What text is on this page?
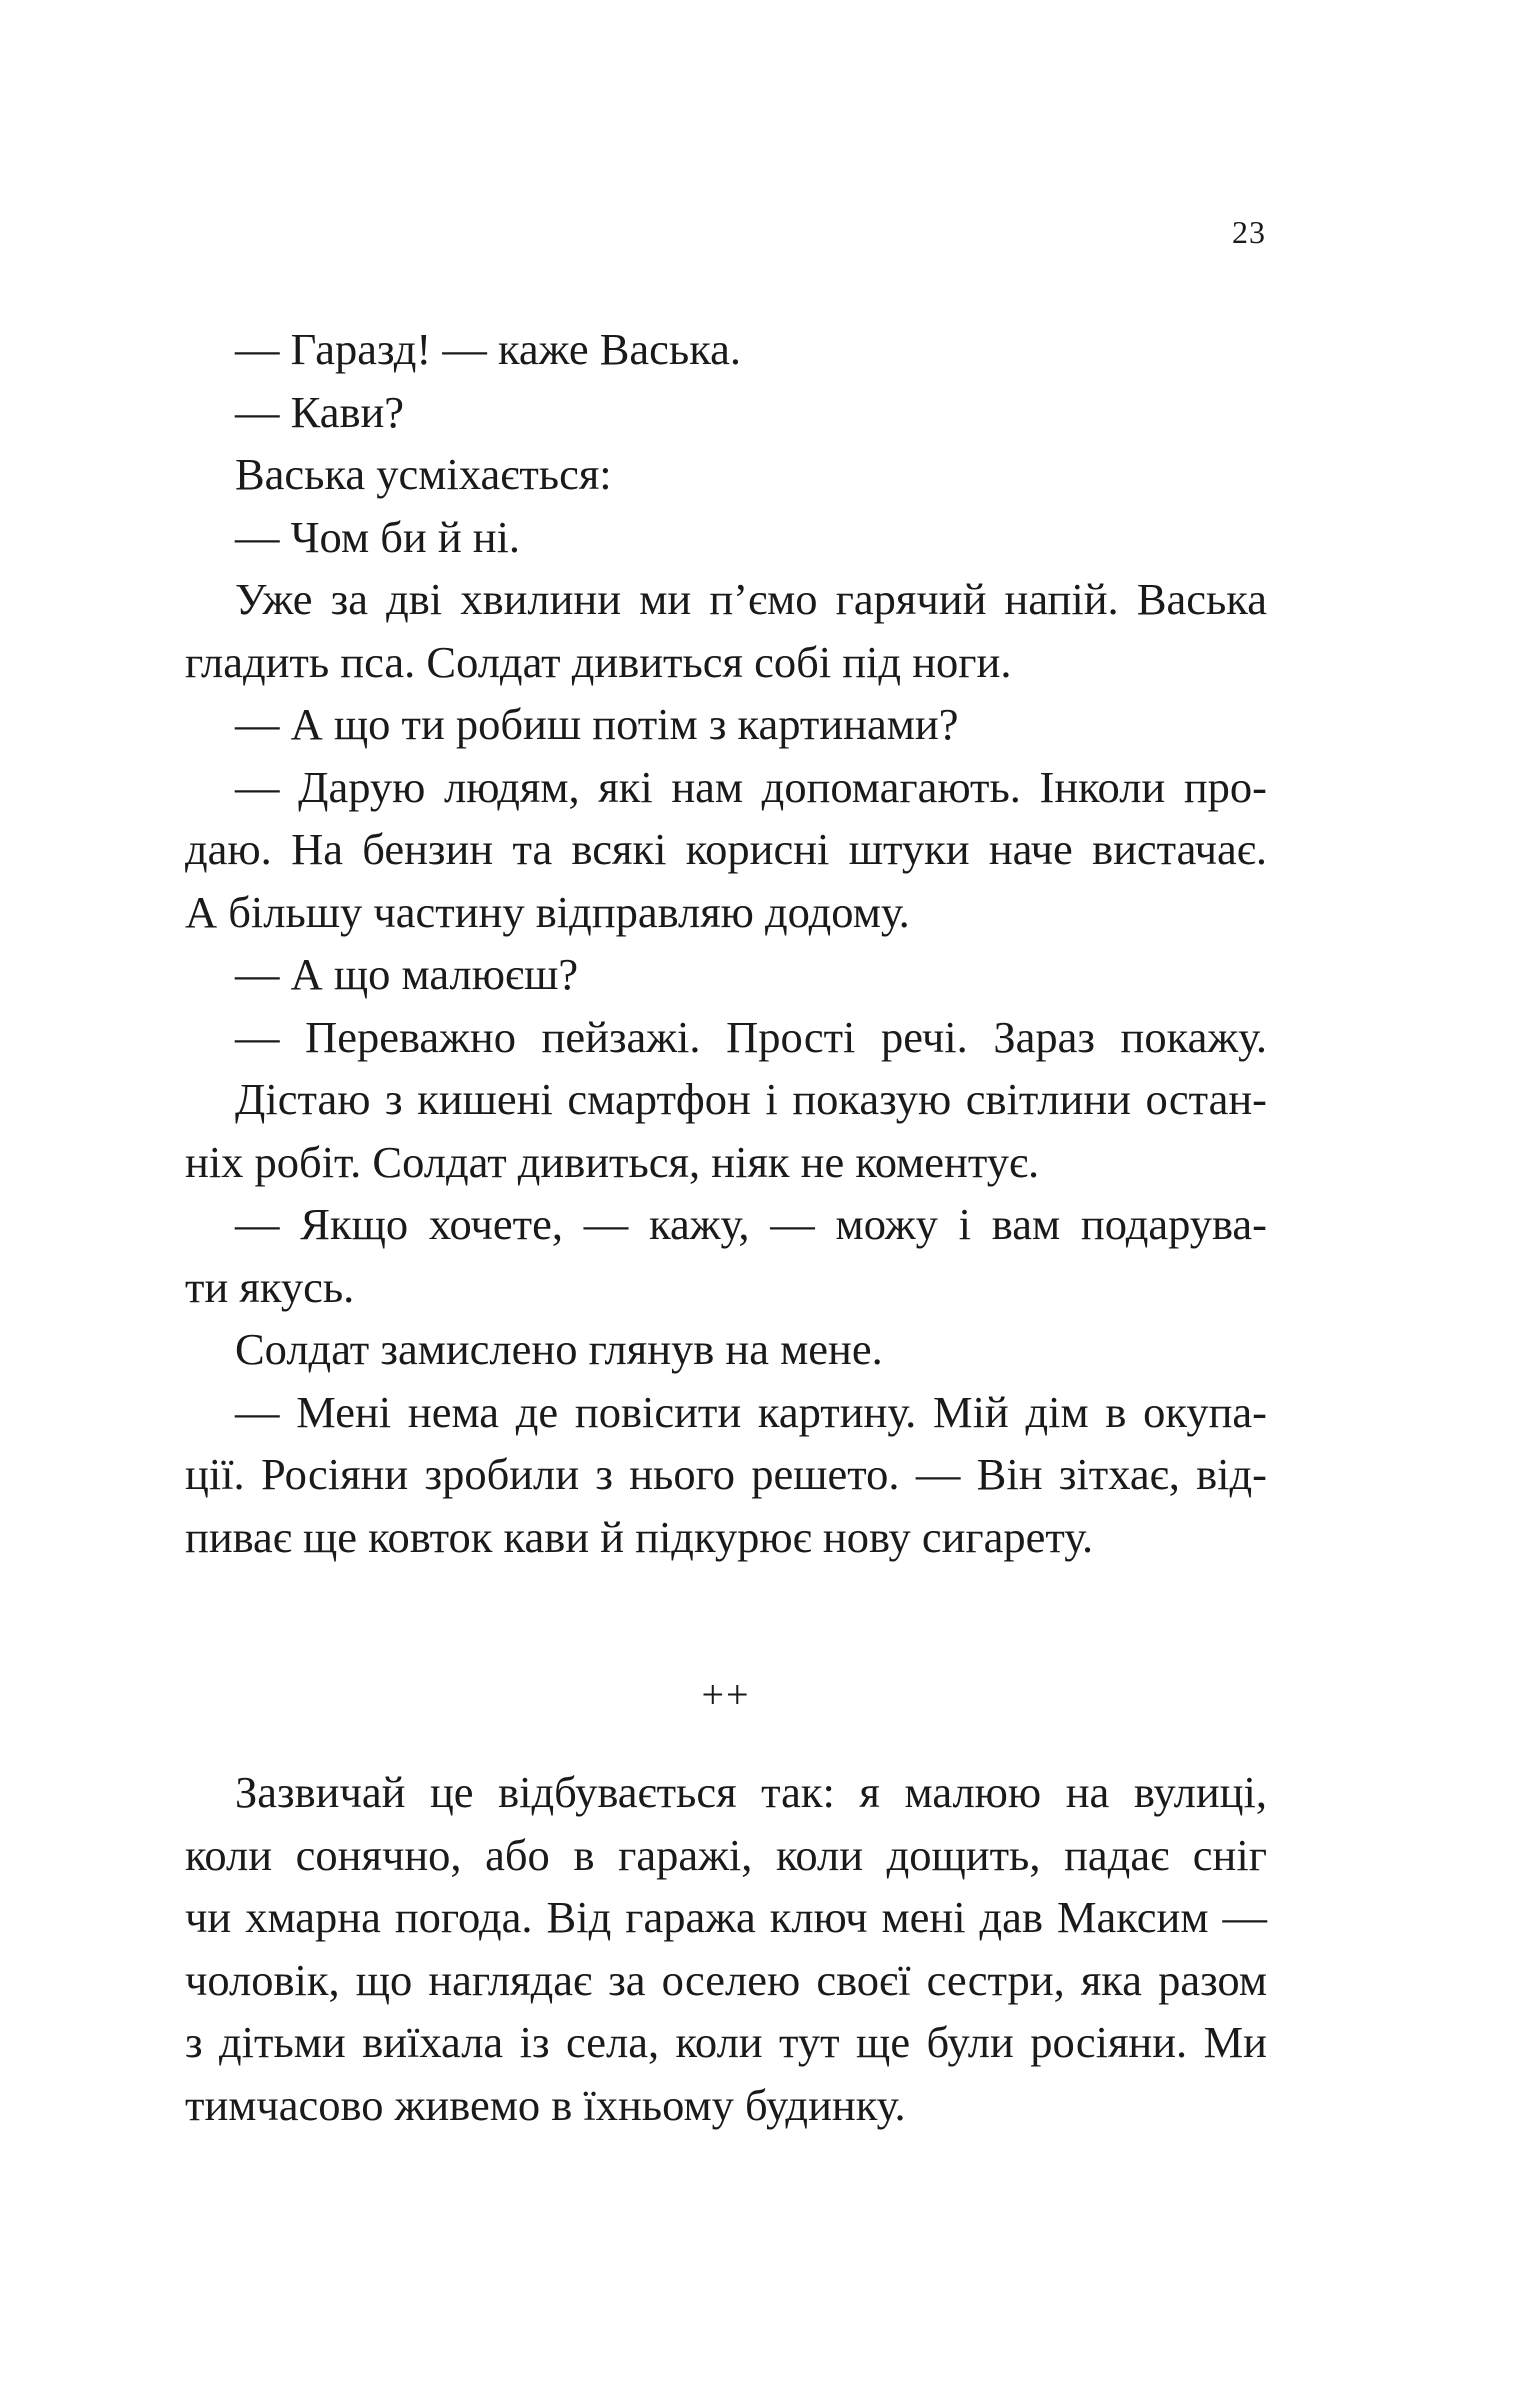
23
— Гаразд! — каже Васька.
— Кави?
Васька усміхається:
— Чом би й ні.
Уже за дві хвилини ми п’ємо гарячий напій. Васька
гладить пса. Солдат дивиться собі під ноги.
— А що ти робиш потім з картинами?
— Дарую людям, які нам допомагають. Інколи про-
даю. На бензин та всякі корисні штуки наче вистачає.
А більшу частину відправляю додому.
— А що малюєш?
— Переважно пейзажі. Прості речі. Зараз покажу.
Дістаю з кишені смартфон і показую світлини остан-
ніх робіт. Солдат дивиться, ніяк не коментує.
— Якщо хочете, — кажу, — можу і вам подарува-
ти якусь.
Солдат замислено глянув на мене.
— Мені нема де повісити картину. Мій дім в окупа-
ції. Росіяни зробили з нього решето. — Він зітхає, від-
пиває ще ковток кави й підкурює нову сигарету.
++
Зазвичай це відбувається так: я малюю на вулиці,
коли сонячно, або в гаражі, коли дощить, падає сніг
чи хмарна погода. Від гаража ключ мені дав Максим —
чоловік, що наглядає за оселею своєї сестри, яка разом
з дітьми виїхала із села, коли тут ще були росіяни. Ми
тимчасово живемо в їхньому будинку.
